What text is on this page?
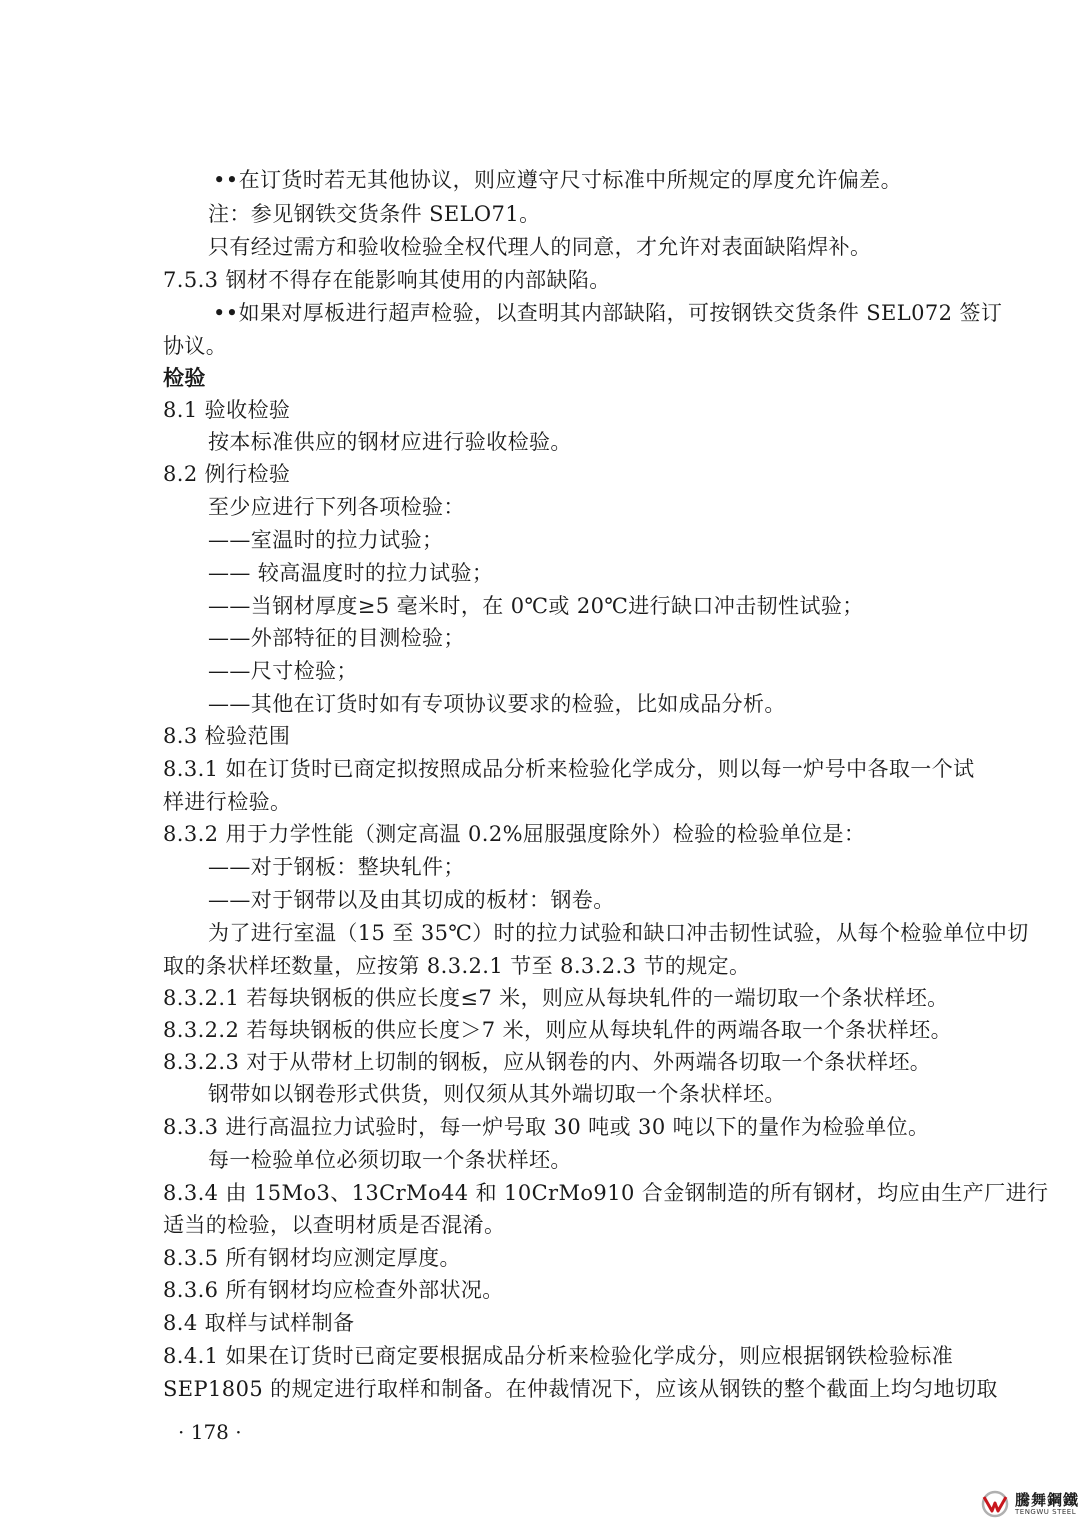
••在订货时若无其他协议，则应遵守尺寸标准中所规定的厚度允许偏差。
注：参见钢铁交货条件 SELO71。
只有经过需方和验收检验全权代理人的同意，才允许对表面缺陷焊补。
7.5.3 钢材不得存在能影响其使用的内部缺陷。
••如果对厚板进行超声检验，以查明其内部缺陷，可按钢铁交货条件 SEL072 签订
协议。
检验
8.1 验收检验
按本标准供应的钢材应进行验收检验。
8.2 例行检验
至少应进行下列各项检验：
——室温时的拉力试验；
—— 较高温度时的拉力试验；
——当钢材厚度≥5 毫米时，在 0℃或 20℃进行缺口冲击韧性试验；
——外部特征的目测检验；
——尺寸检验；
——其他在订货时如有专项协议要求的检验，比如成品分析。
8.3 检验范围
8.3.1 如在订货时已商定拟按照成品分析来检验化学成分，则以每一炉号中各取一个试
样进行检验。
8.3.2 用于力学性能（测定高温 0.2%屈服强度除外）检验的检验单位是：
——对于钢板：整块轧件；
——对于钢带以及由其切成的板材：钢卷。
为了进行室温（15 至 35℃）时的拉力试验和缺口冲击韧性试验，从每个检验单位中切
取的条状样坯数量，应按第 8.3.2.1 节至 8.3.2.3 节的规定。
8.3.2.1 若每块钢板的供应长度≤7 米，则应从每块轧件的一端切取一个条状样坯。
8.3.2.2 若每块钢板的供应长度＞7 米，则应从每块轧件的两端各取一个条状样坯。
8.3.2.3 对于从带材上切制的钢板，应从钢卷的内、外两端各切取一个条状样坯。
钢带如以钢卷形式供货，则仅须从其外端切取一个条状样坯。
8.3.3 进行高温拉力试验时，每一炉号取 30 吨或 30 吨以下的量作为检验单位。
每一检验单位必须切取一个条状样坯。
8.3.4 由 15Mo3、13CrMo44 和 10CrMo910 合金钢制造的所有钢材，均应由生产厂进行
适当的检验，以查明材质是否混淆。
8.3.5 所有钢材均应测定厚度。
8.3.6 所有钢材均应检查外部状况。
8.4 取样与试样制备
8.4.1 如果在订货时已商定要根据成品分析来检验化学成分，则应根据钢铁检验标准
SEP1805 的规定进行取样和制备。在仲裁情况下，应该从钢铁的整个截面上均匀地切取
· 178 ·
騰舞鋼鐵
TENGWU STEEL
